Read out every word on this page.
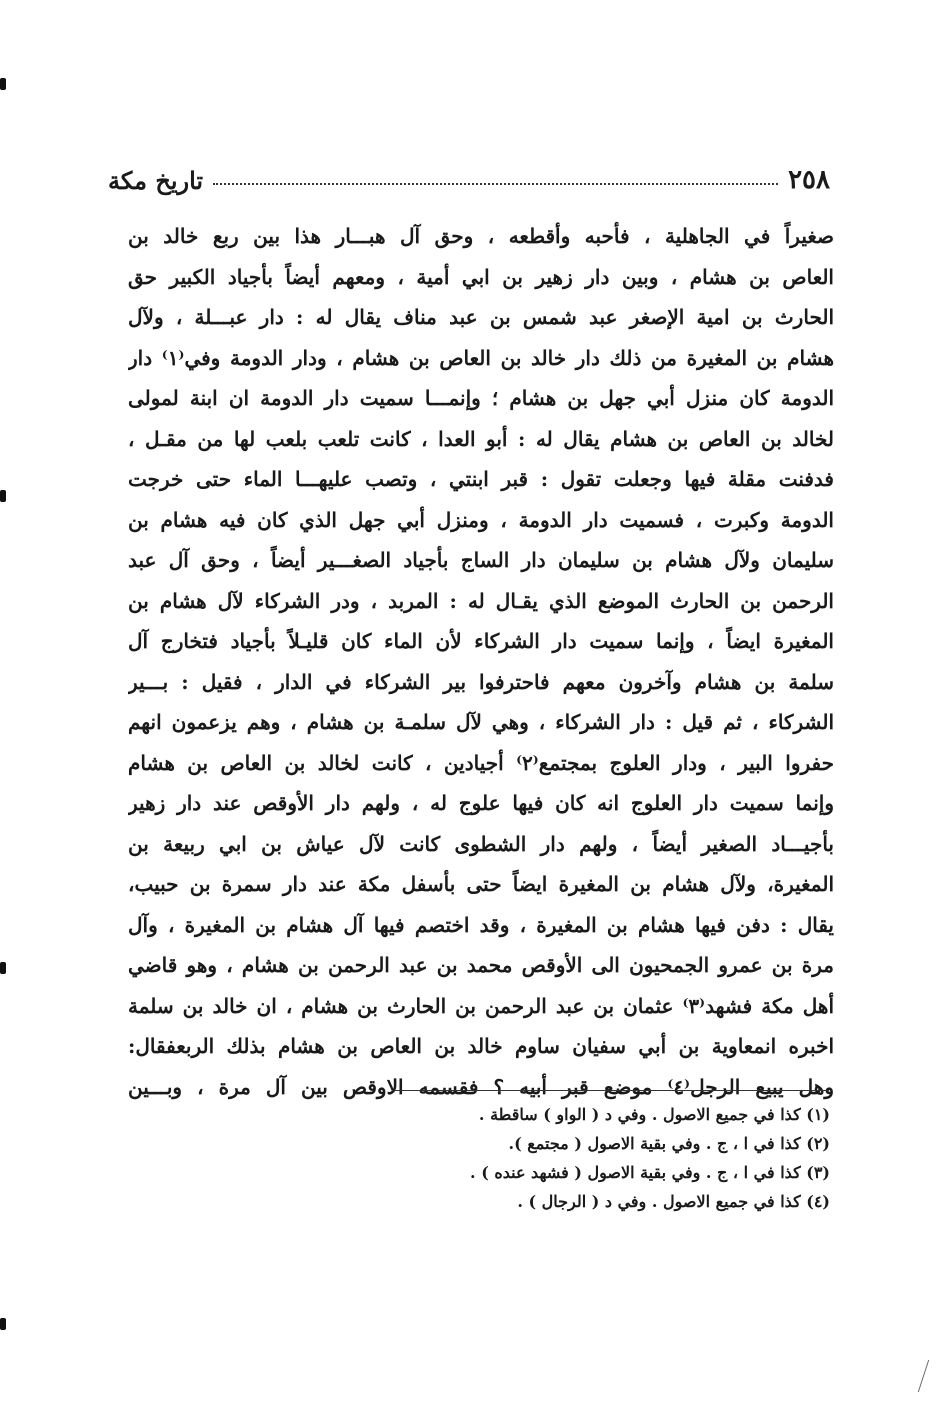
٢٥٨
تاريخ مكة
صغيراً في الجاهلية ، فأحبه وأقطعه ، وحق آل هبـــار هذا بين ربع خالد بن
العاص بن هشام ، وبين دار زهير بن ابي أمية ، ومعهم أيضاً بأجياد الكبير حق
الحارث بن امية الإصغر عبد شمس بن عبد مناف يقال له : دار عبـــلة ، ولآل
هشام بن المغيرة من ذلك دار خالد بن العاص بن هشام ، ودار الدومة وفي⁽١⁾ دار
الدومة كان منزل أبي جهل بن هشام ؛ وإنمـــا سميت دار الدومة ان ابنة لمولى
لخالد بن العاص بن هشام يقال له : أبو العدا ، كانت تلعب بلعب لها من مقـل ،
فدفنت مقلة فيها وجعلت تقول : قبر ابنتي ، وتصب عليهـــا الماء حتى خرجت
الدومة وكبرت ، فسميت دار الدومة ، ومنزل أبي جهل الذي كان فيه هشام بن
سليمان ولآل هشام بن سليمان دار الساج بأجياد الصغـــير أيضاً ، وحق آل عبد
الرحمن بن الحارث الموضع الذي يقـال له : المربد ، ودر الشركاء لآل هشام بن
المغيرة ايضاً ، وإنما سميت دار الشركاء لأن الماء كان قليـلاً بأجياد فتخارج آل
سلمة بن هشام وآخرون معهم فاحترفوا بير الشركاء في الدار ، فقيل : بـــير
الشركاء ، ثم قيل : دار الشركاء ، وهي لآل سلمـة بن هشام ، وهم يزعمون انهم
حفروا البير ، ودار العلوج بمجتمع⁽٢⁾ أجيادين ، كانت لخالد بن العاص بن هشام
وإنما سميت دار العلوج انه كان فيها علوج له ، ولهم دار الأوقص عند دار زهير
بأجيـــاد الصغير أيضاً ، ولهم دار الشطوى كانت لآل عياش بن ابي ربيعة بن
المغيرة، ولآل هشام بن المغيرة ايضاً حتى بأسفل مكة عند دار سمرة بن حبيب،
يقال : دفن فيها هشام بن المغيرة ، وقد اختصم فيها آل هشام بن المغيرة ، وآل
مرة بن عمرو الجمحيون الى الأوقص محمد بن عبد الرحمن بن هشام ، وهو قاضي
أهل مكة فشهد⁽٣⁾ عثمان بن عبد الرحمن بن الحارث بن هشام ، ان خالد بن سلمة
اخبره انمعاوية بن أبي سفيان ساوم خالد بن العاص بن هشام بذلك الربعفقال:
وهل يبيع الرجل⁽٤⁾ موضع قبر أبيه ؟ فقسمه الاوقص بين آل مرة ، وبـــين
(١) كذا في جميع الاصول . وفي د ( الواو ) ساقطة .
(٢) كذا في ا ، ج . وفي بقية الاصول ( مجتمع ).
(٣) كذا في ا ، ج . وفي بقية الاصول ( فشهد عنده ) .
(٤) كذا في جميع الاصول . وفي د ( الرجال ) .
